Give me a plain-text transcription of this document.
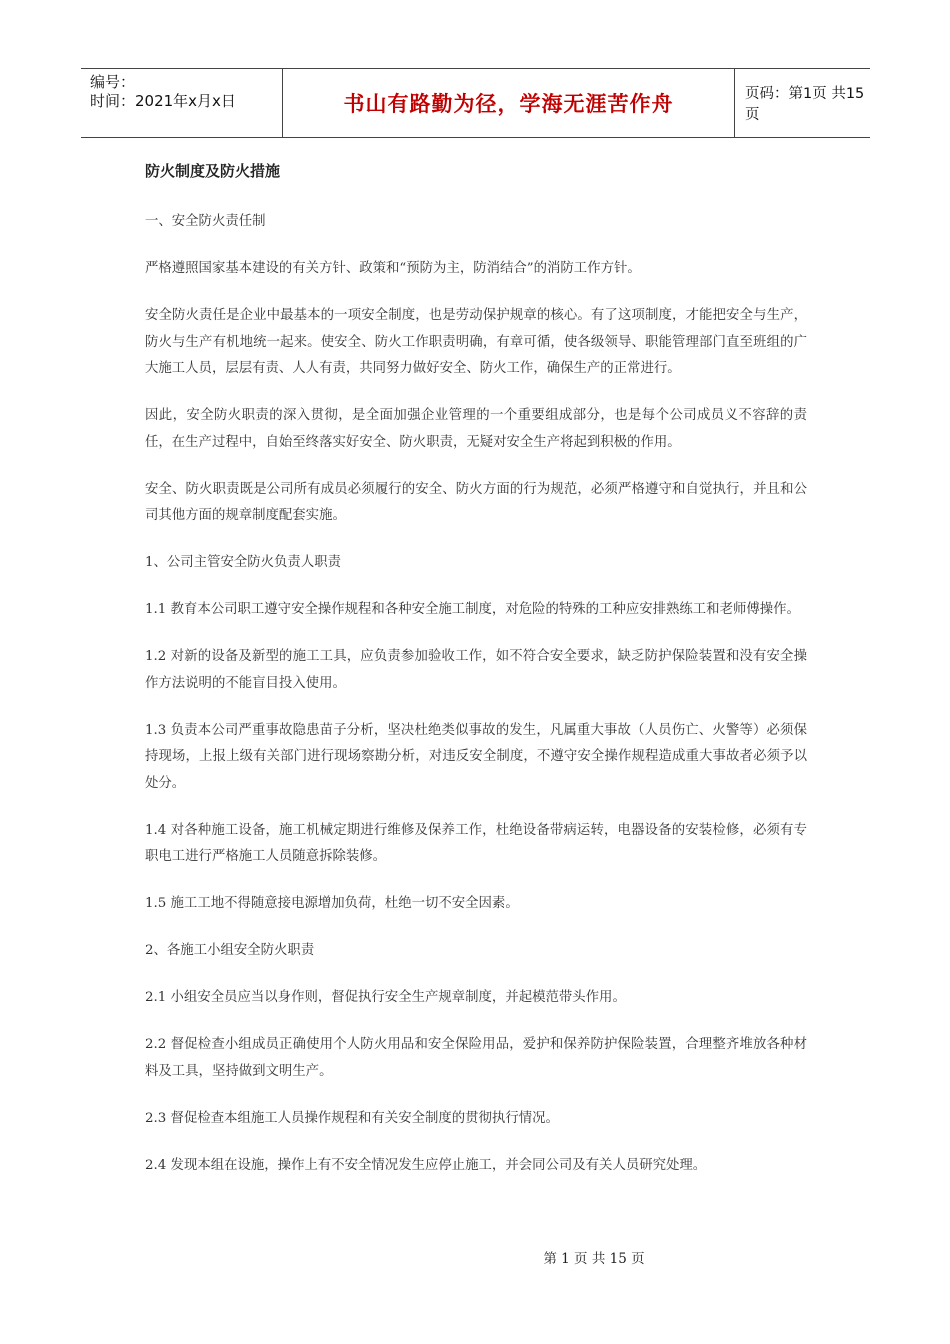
编号：
时间：2021年x月x日	书山有路勤为径，学海无涯苦作舟	页码：第1页 共15页
防火制度及防火措施

一、安全防火责任制

严格遵照国家基本建设的有关方针、政策和“预防为主，防消结合”的消防工作方针。

安全防火责任是企业中最基本的一项安全制度，也是劳动保护规章的核心。有了这项制度，才能把安全与生产，防火与生产有机地统一起来。使安全、防火工作职责明确，有章可循，使各级领导、职能管理部门直至班组的广大施工人员，层层有责、人人有责，共同努力做好安全、防火工作，确保生产的正常进行。

因此，安全防火职责的深入贯彻，是全面加强企业管理的一个重要组成部分，也是每个公司成员义不容辞的责任，在生产过程中，自始至终落实好安全、防火职责，无疑对安全生产将起到积极的作用。

安全、防火职责既是公司所有成员必须履行的安全、防火方面的行为规范，必须严格遵守和自觉执行，并且和公司其他方面的规章制度配套实施。

1、公司主管安全防火负责人职责

1.1 教育本公司职工遵守安全操作规程和各种安全施工制度，对危险的特殊的工种应安排熟练工和老师傅操作。

1.2 对新的设备及新型的施工工具，应负责参加验收工作，如不符合安全要求，缺乏防护保险装置和没有安全操作方法说明的不能盲目投入使用。

1.3 负责本公司严重事故隐患苗子分析，坚决杜绝类似事故的发生，凡属重大事故（人员伤亡、火警等）必须保持现场，上报上级有关部门进行现场察勘分析，对违反安全制度，不遵守安全操作规程造成重大事故者必须予以处分。

1.4 对各种施工设备，施工机械定期进行维修及保养工作，杜绝设备带病运转，电器设备的安装检修，必须有专职电工进行严格施工人员随意拆除装修。

1.5 施工工地不得随意接电源增加负荷，杜绝一切不安全因素。

2、各施工小组安全防火职责

2.1 小组安全员应当以身作则，督促执行安全生产规章制度，并起模范带头作用。

2.2 督促检查小组成员正确使用个人防火用品和安全保险用品，爱护和保养防护保险装置，合理整齐堆放各种材料及工具，坚持做到文明生产。

2.3 督促检查本组施工人员操作规程和有关安全制度的贯彻执行情况。

2.4 发现本组在设施，操作上有不安全情况发生应停止施工，并会同公司及有关人员研究处理。

第 1 页 共 15 页
